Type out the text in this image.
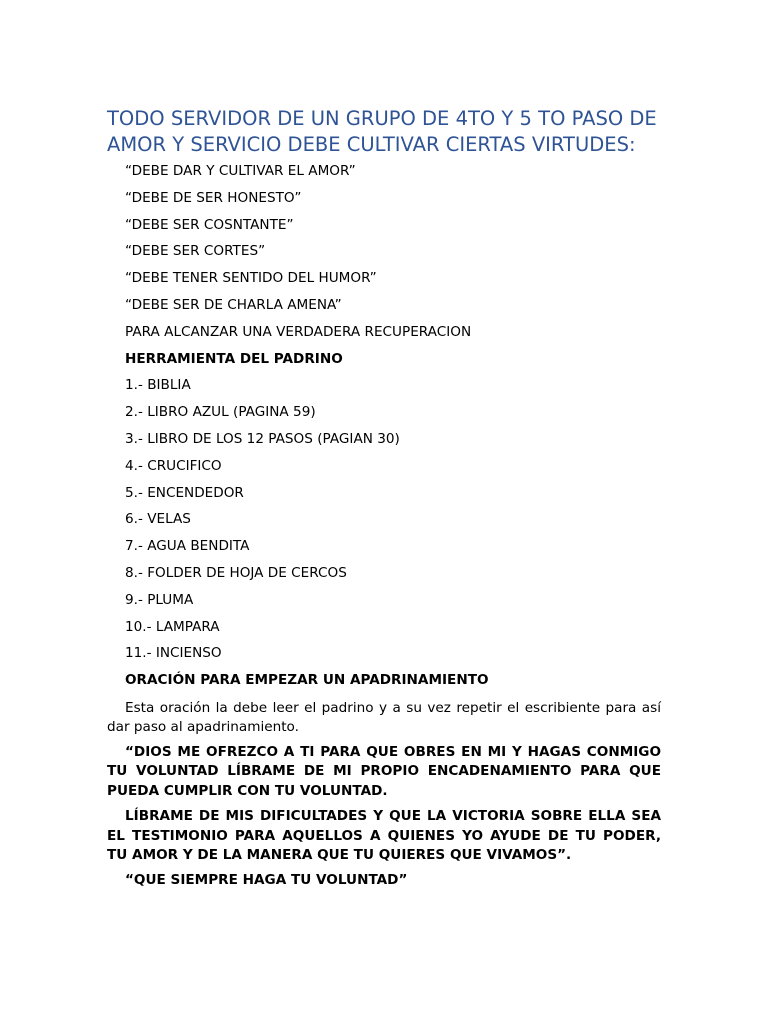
TODO SERVIDOR DE UN GRUPO DE 4TO Y 5 TO PASO DE AMOR Y SERVICIO DEBE CULTIVAR CIERTAS VIRTUDES:

“DEBE DAR Y CULTIVAR EL AMOR”

“DEBE DE SER HONESTO”

“DEBE SER COSNTANTE”

“DEBE SER CORTES”

“DEBE TENER SENTIDO DEL HUMOR”

“DEBE SER DE CHARLA AMENA”

PARA ALCANZAR UNA VERDADERA RECUPERACION

HERRAMIENTA DEL PADRINO

1.- BIBLIA

2.- LIBRO AZUL (PAGINA 59)

3.- LIBRO DE LOS 12 PASOS (PAGIAN 30)

4.- CRUCIFICO

5.- ENCENDEDOR

6.- VELAS

7.- AGUA BENDITA

8.- FOLDER DE HOJA DE CERCOS

9.- PLUMA

10.- LAMPARA

11.- INCIENSO

ORACIÓN PARA EMPEZAR UN APADRINAMIENTO

Esta oración la debe leer el padrino y a su vez repetir el escribiente para así dar paso al apadrinamiento.

“DIOS ME OFREZCO A TI PARA QUE OBRES EN MI Y HAGAS CONMIGO TU VOLUNTAD LÍBRAME DE MI PROPIO ENCADENAMIENTO PARA QUE PUEDA CUMPLIR CON TU VOLUNTAD.

LÍBRAME DE MIS DIFICULTADES Y QUE LA VICTORIA SOBRE ELLA SEA EL TESTIMONIO PARA AQUELLOS A QUIENES YO AYUDE DE TU PODER, TU AMOR Y DE LA MANERA QUE TU QUIERES QUE VIVAMOS”.

“QUE SIEMPRE HAGA TU VOLUNTAD”
